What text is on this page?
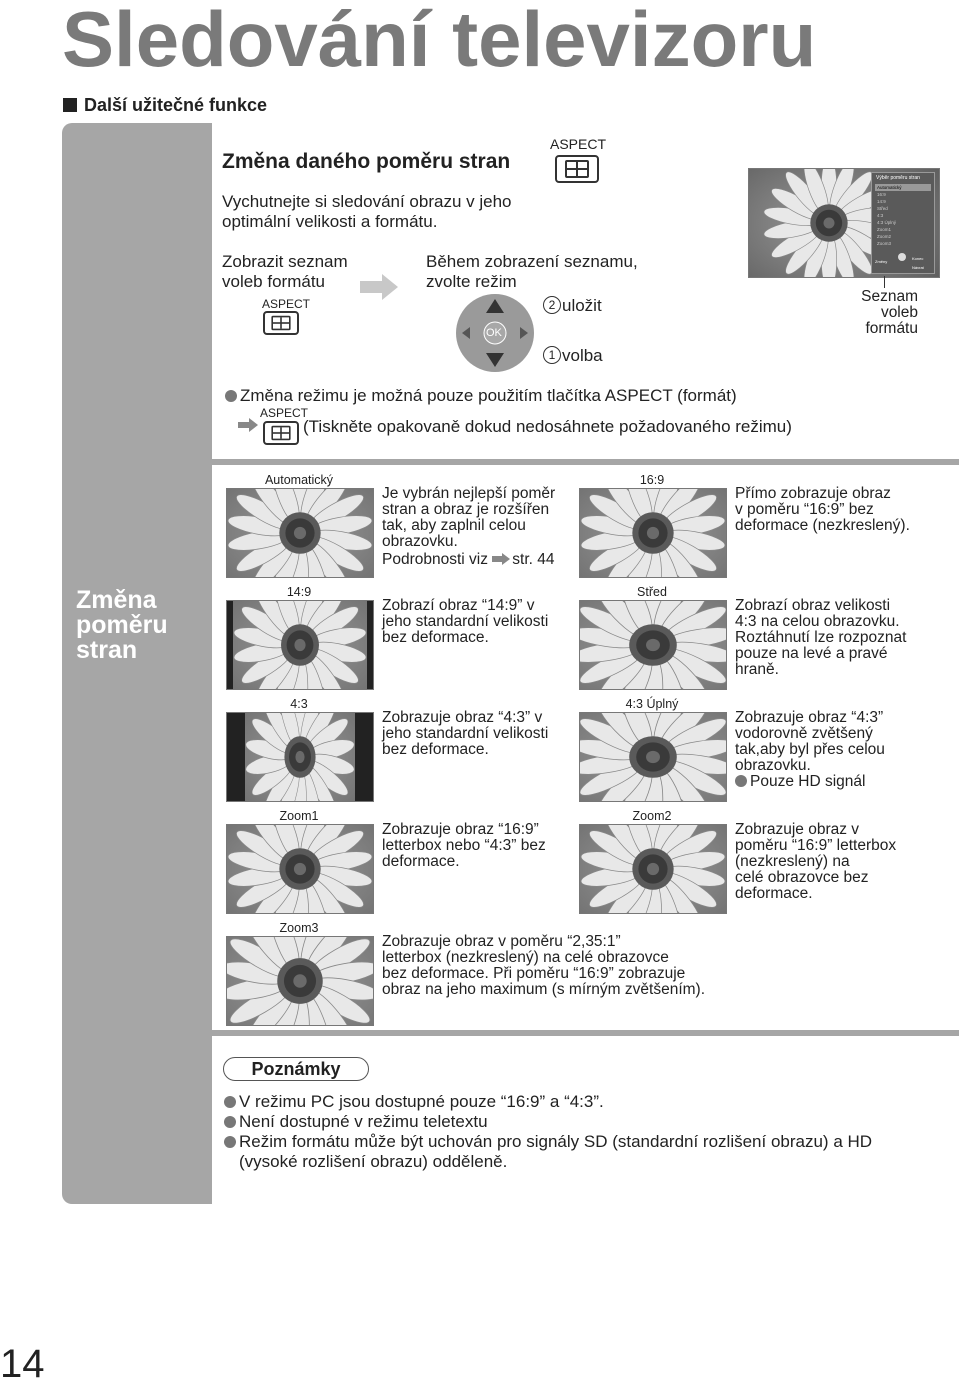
Sledování televizoru
Další užitečné funkce
Změna
poměru
stran
Změna daného poměru stran
ASPECT
Vychutnejte si sledování obrazu v jeho
optimální velikosti a formátu.
Zobrazit seznam
voleb formátu
ASPECT
Během zobrazení seznamu,
zvolte režim
OK
2 uložit
1 volba
Výběr poměru stran
Automatický
16:9
14:9
Střed
4:3
4:3 Úplný
Zoom1
Zoom2
Zoom3
Změny
Konec
Návrat
Seznam
voleb
formátu
Změna režimu je možná pouze použitím tlačítka ASPECT (formát)
ASPECT
(Tiskněte opakovaně dokud nedosáhnete požadovaného režimu)
Automatický
Je vybrán nejlepší poměr
stran a obraz je rozšířen
tak, aby zaplnil celou
obrazovku.
Podrobnosti viz str. 44
16:9
Přímo zobrazuje obraz
v poměru “16:9” bez
deformace (nezkreslený).
14:9
Zobrazí obraz “14:9” v
jeho standardní velikosti
bez deformace.
Střed
Zobrazí obraz velikosti
4:3 na celou obrazovku.
Roztáhnutí lze rozpoznat
pouze na levé a pravé
hraně.
4:3
Zobrazuje obraz “4:3” v
jeho standardní velikosti
bez deformace.
4:3 Úplný
Zobrazuje obraz “4:3”
vodorovně zvětšený
tak,aby byl přes celou
obrazovku.
Pouze HD signál
Zoom1
Zobrazuje obraz “16:9”
letterbox nebo “4:3” bez
deformace.
Zoom2
Zobrazuje obraz v
poměru “16:9” letterbox
(nezkreslený) na
celé obrazovce bez
deformace.
Zoom3
Zobrazuje obraz v poměru “2,35:1”
letterbox (nezkreslený) na celé obrazovce
bez deformace. Při poměru “16:9” zobrazuje
obraz na jeho maximum (s mírným zvětšením).
Poznámky
V režimu PC jsou dostupné pouze “16:9” a “4:3”.
Není dostupné v režimu teletextu
Režim formátu může být uchován pro signály SD (standardní rozlišení obrazu) a HD
(vysoké rozlišení obrazu) odděleně.
14
